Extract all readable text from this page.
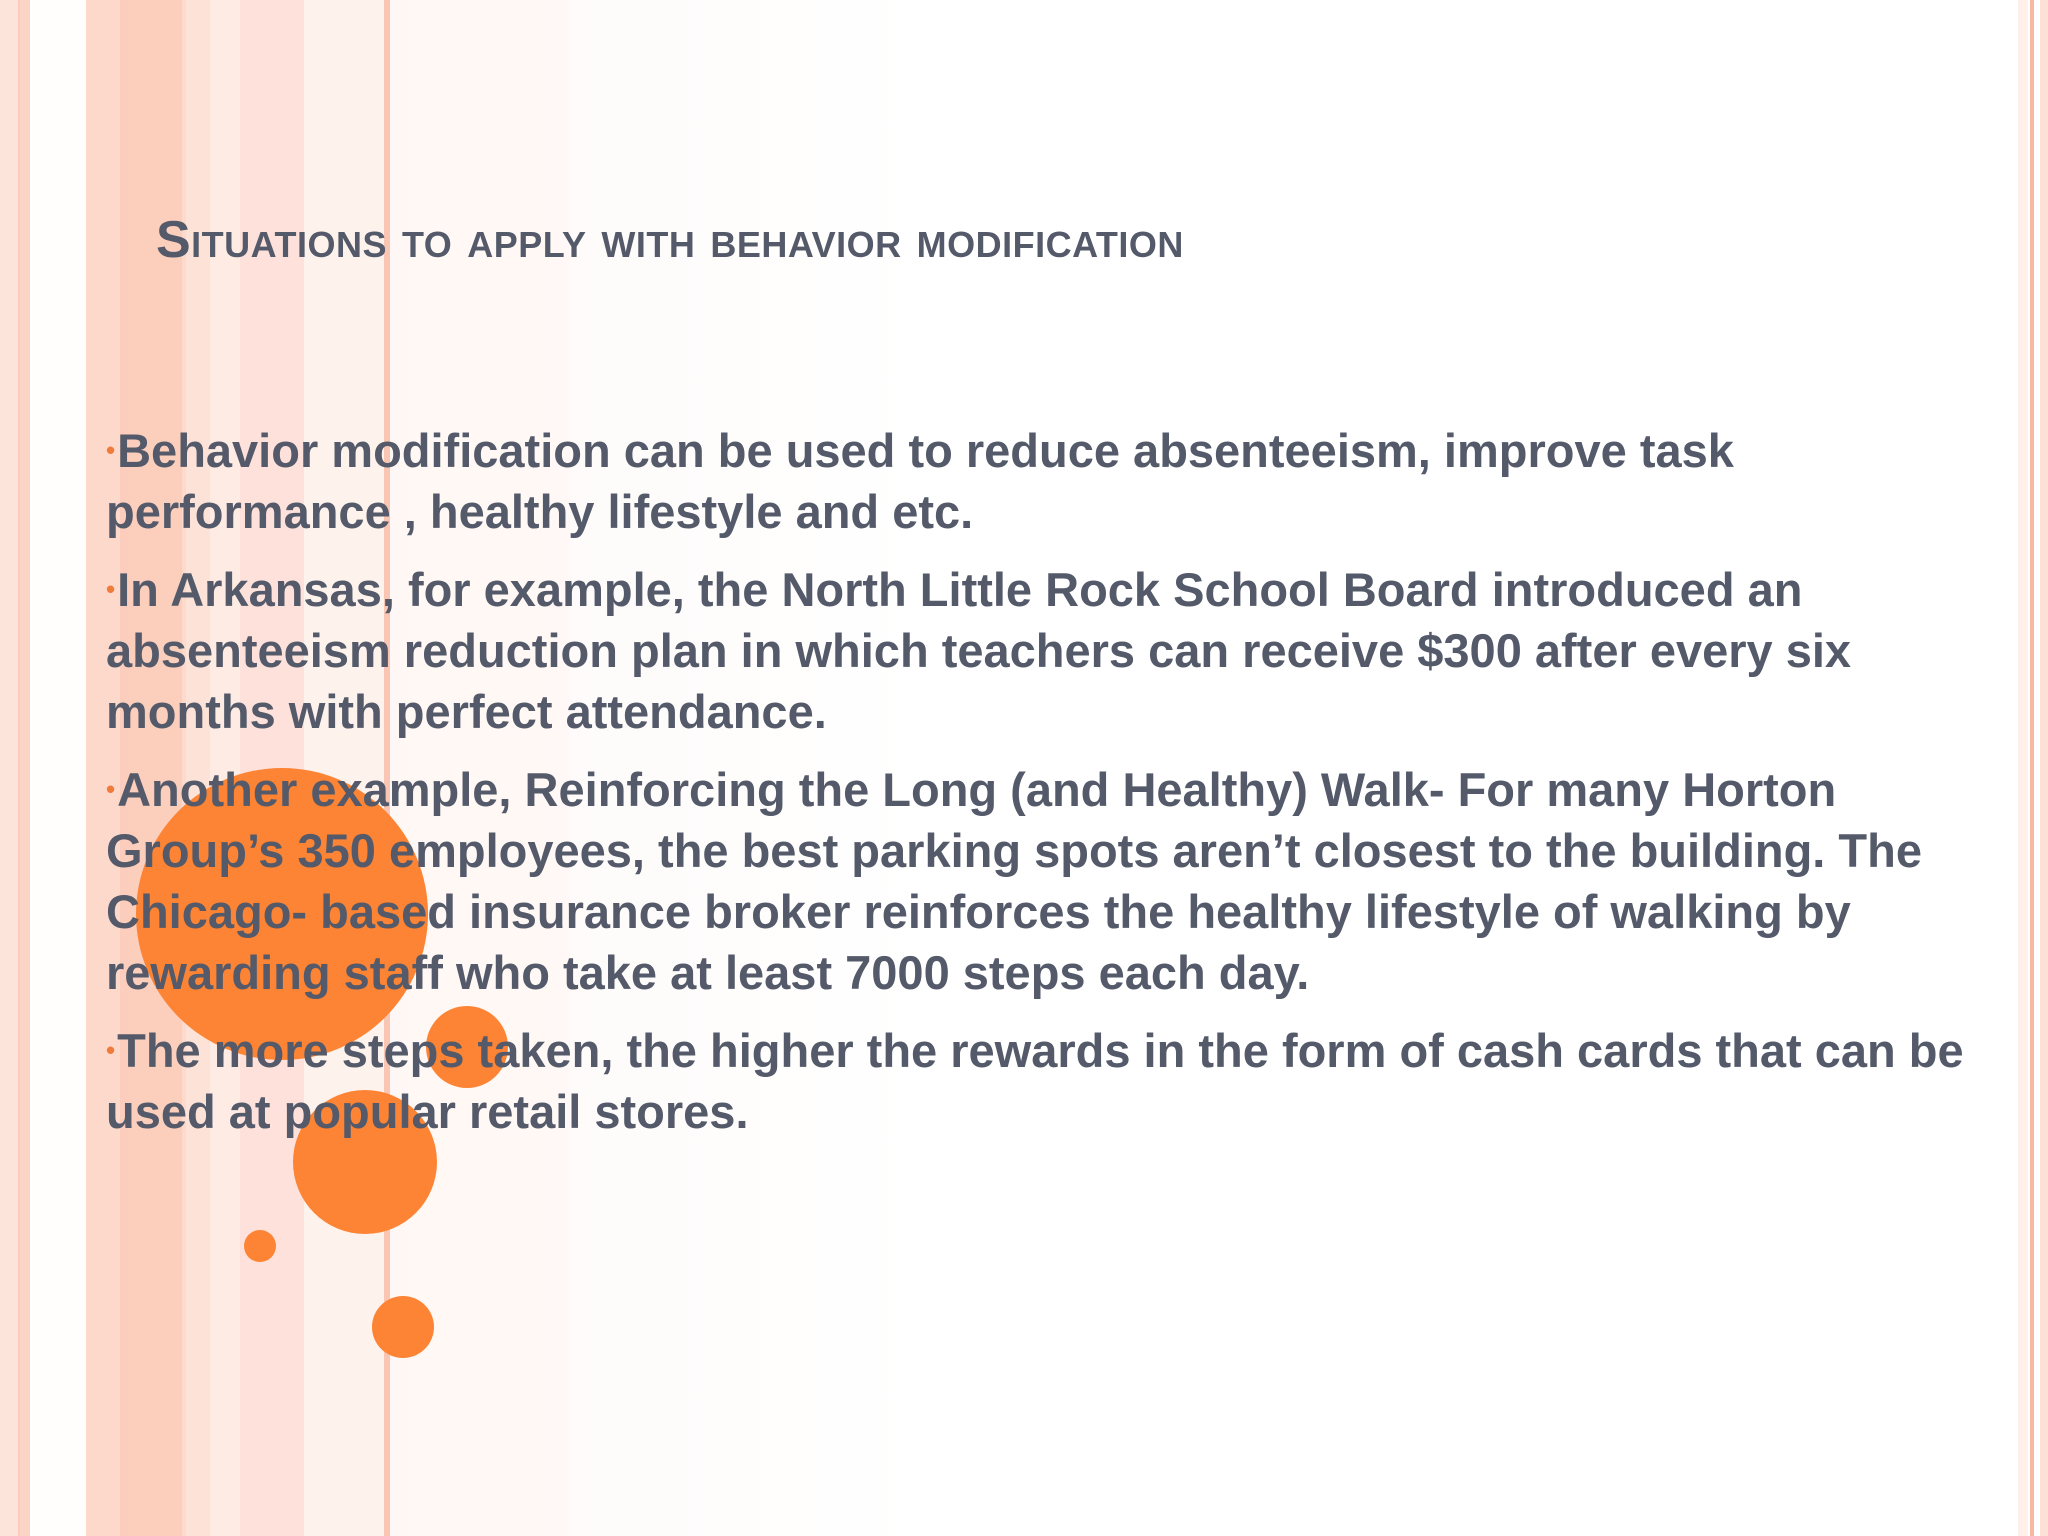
Situations to apply with behavior modification
•Behavior modification can be used to reduce absenteeism, improve task performance , healthy lifestyle and etc.
•In Arkansas, for example, the North Little Rock School Board introduced an absenteeism reduction plan in which teachers can receive $300 after every six months with perfect attendance.
•Another example, Reinforcing the Long (and Healthy) Walk- For many Horton Group’s 350 employees, the best parking spots aren’t closest to the building. The Chicago- based insurance broker reinforces the healthy lifestyle of walking by rewarding staff who take at least 7000 steps each day.
•The more steps taken, the higher the rewards in the form of cash cards that can be used at popular retail stores.
